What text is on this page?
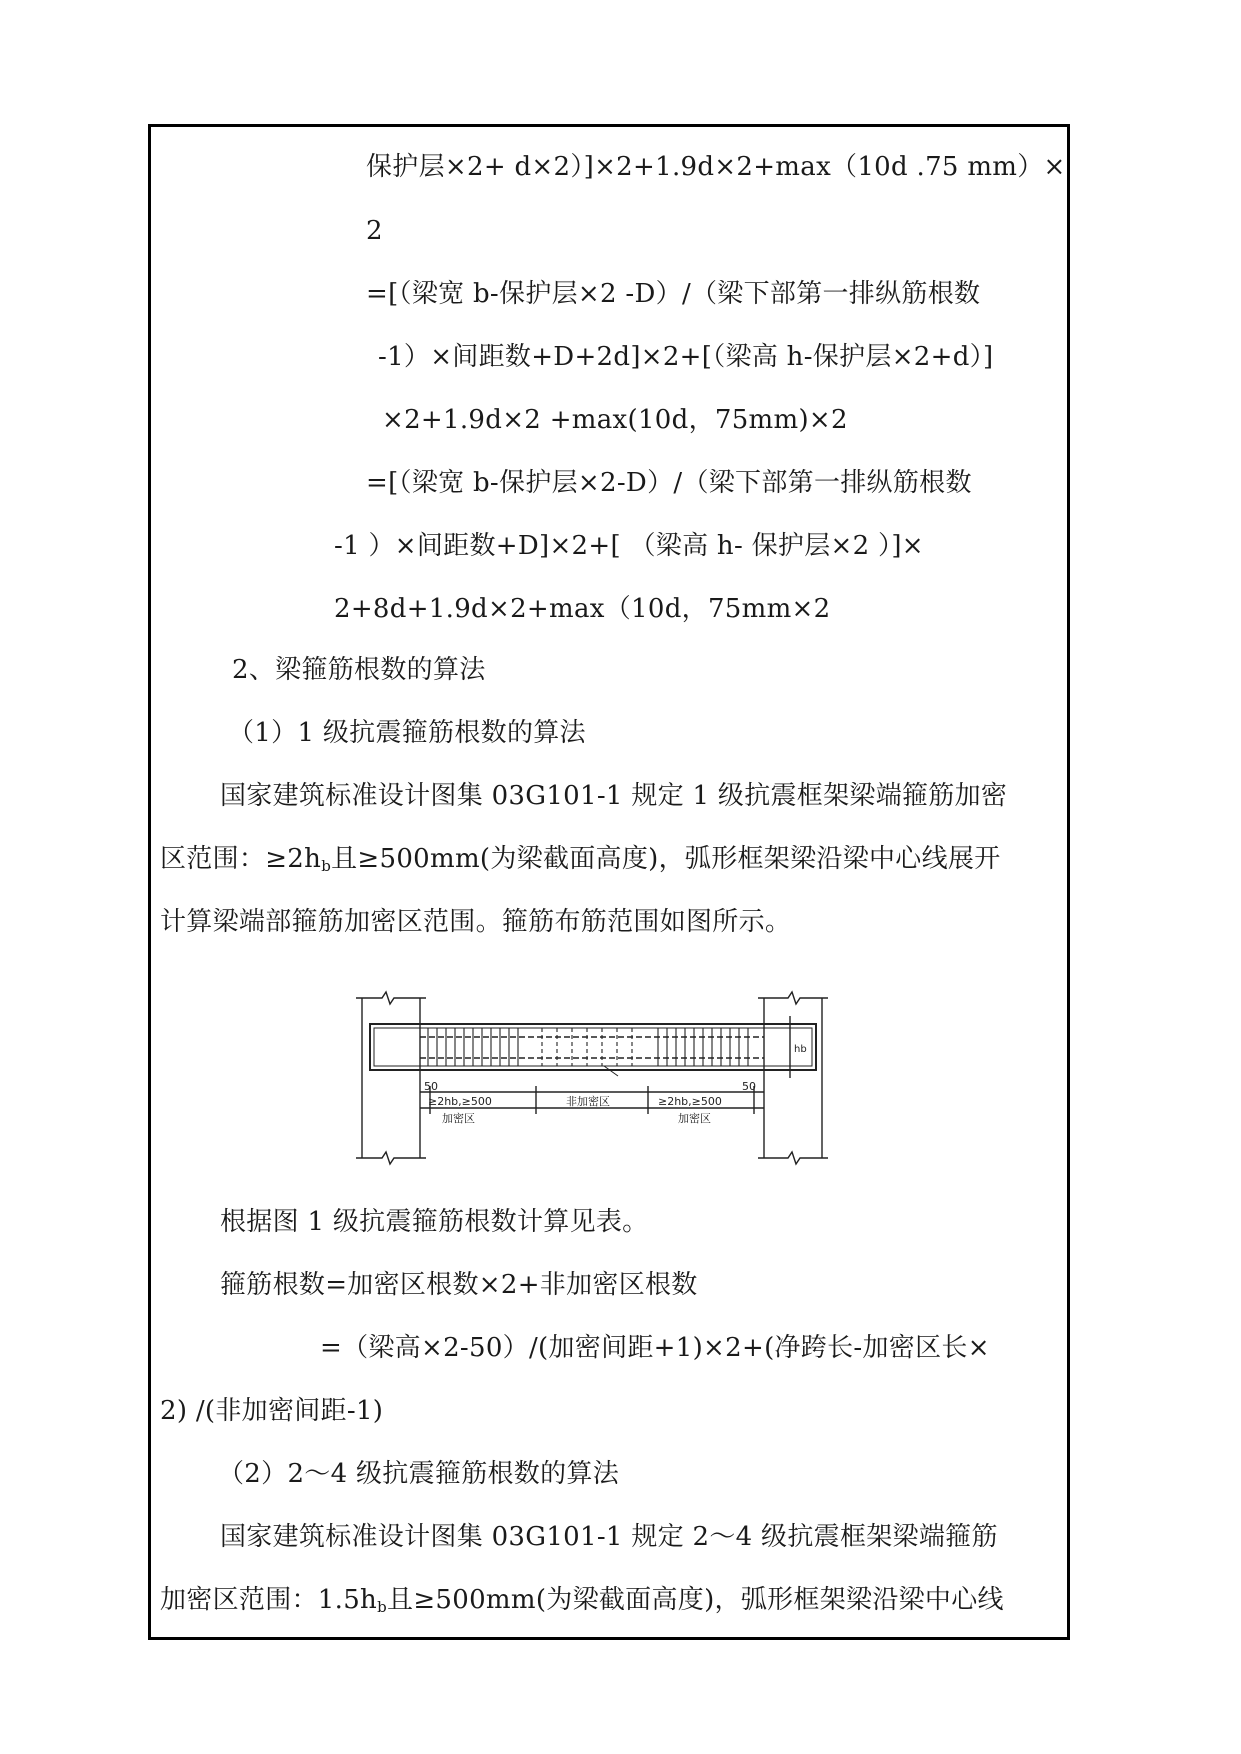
保护层×2+ d×2）]×2+1.9d×2+max（10d .75 mm）×
2
=[（梁宽 b-保护层×2 -D）/（梁下部第一排纵筋根数
-1）×间距数+D+2d]×2+[（梁高 h-保护层×2+d）]
×2+1.9d×2 +max(10d，75mm)×2
=[（梁宽 b-保护层×2-D）/（梁下部第一排纵筋根数
-1 ）×间距数+D]×2+[ （梁高 h- 保护层×2 ）]×
2+8d+1.9d×2+max（10d，75mm×2
2、梁箍筋根数的算法
（1）1 级抗震箍筋根数的算法
国家建筑标准设计图集 03G101-1 规定 1 级抗震框架梁端箍筋加密
区范围：$\ge 2h_b$且≥500mm(为梁截面高度)，弧形框架梁沿梁中心线展开
计算梁端部箍筋加密区范围。箍筋布筋范围如图所示。
50	50
≥2hb,≥500	≥2hb,≥500
非加密区
加密区	加密区
hb
根据图 1 级抗震箍筋根数计算见表。
箍筋根数=加密区根数×2+非加密区根数
=（梁高×2-50）/(加密间距+1)×2+(净跨长-加密区长×
2) /(非加密间距-1)
（2）2～4 级抗震箍筋根数的算法
国家建筑标准设计图集 03G101-1 规定 2～4 级抗震框架梁端箍筋
加密区范围：$1.5h_b$且≥500mm(为梁截面高度)，弧形框架梁沿梁中心线
